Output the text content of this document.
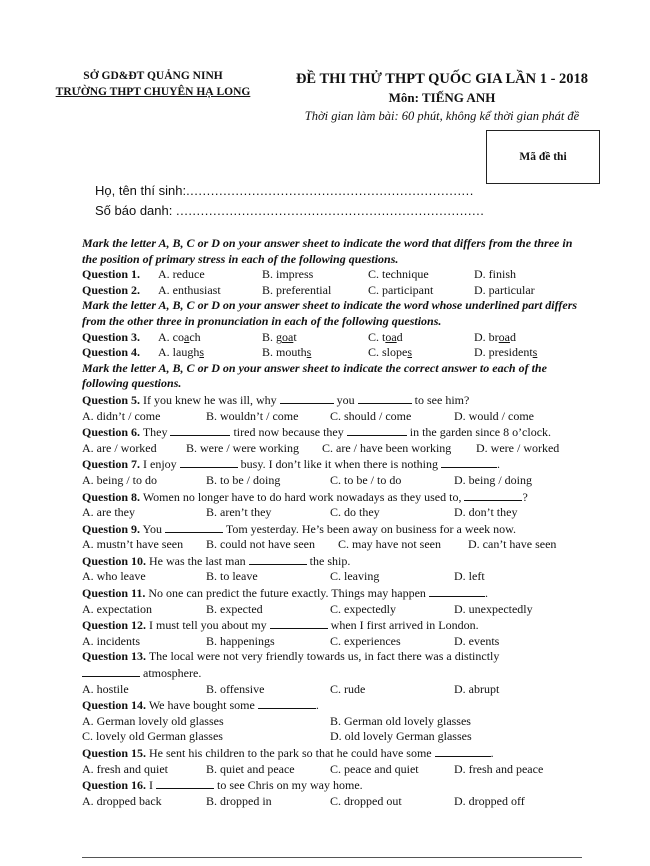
SỞ GD&ĐT QUẢNG NINH
TRƯỜNG THPT CHUYÊN HẠ LONG
ĐỀ THI THỬ THPT QUỐC GIA LẦN 1 - 2018
Môn: TIẾNG ANH
Thời gian làm bài: 60 phút, không kể thời gian phát đề
Mã đề thi
Họ, tên thí sinh:......................................................................
Số báo danh: ...........................................................................
Mark the letter A, B, C or D on your answer sheet to indicate the word that differs from the three in the position of primary stress in each of the following questions.
Question 1.	A. reduce	B. impress	C. technique	D. finish
Question 2.	A. enthusiast	B. preferential	C. participant	D. particular
Mark the letter A, B, C or D on your answer sheet to indicate the word whose underlined part differs from the other three in pronunciation in each of the following questions.
Question 3.	A. coach	B. goat	C. toad	D. broad
Question 4.	A. laughs	B. mouths	C. slopes	D. presidents
Mark the letter A, B, C or D on your answer sheet to indicate the correct answer to each of the following questions.
Question 5. If you knew he was ill, why	you	to see him?
A. didn’t / come	B. wouldn’t / come	C. should / come	D. would / come
Question 6. They	tired now because they	in the garden since 8 o’clock.
A. are / worked	B. were / were working	C. are / have been working	D. were / worked
Question 7. I enjoy	busy. I don’t like it when there is nothing	.
A. being / to do	B. to be / doing	C. to be / to do	D. being / doing
Question 8. Women no longer have to do hard work nowadays as they used to,	?
A. are they	B. aren’t they	C. do they	D. don’t they
Question 9. You	Tom yesterday. He’s been away on business for a week now.
A. mustn’t have seen	B. could not have seen	C. may have not seen	D. can’t have seen
Question 10. He was the last man	the ship.
A. who leave	B. to leave	C. leaving	D. left
Question 11. No one can predict the future exactly. Things may happen	.
A. expectation	B. expected	C. expectedly	D. unexpectedly
Question 12. I must tell you about my	when I first arrived in London.
A. incidents	B. happenings	C. experiences	D. events
Question 13. The local were not very friendly towards us, in fact there was a distinctly
atmosphere.
A. hostile	B. offensive	C. rude	D. abrupt
Question 14. We have bought some	.
A. German lovely old glasses	B. German old lovely glasses
C. lovely old German glasses	D. old lovely German glasses
Question 15. He sent his children to the park so that he could have some	.
A. fresh and quiet	B. quiet and peace	C. peace and quiet	D. fresh and peace
Question 16. I	to see Chris on my way home.
A. dropped back	B. dropped in	C. dropped out	D. dropped off
